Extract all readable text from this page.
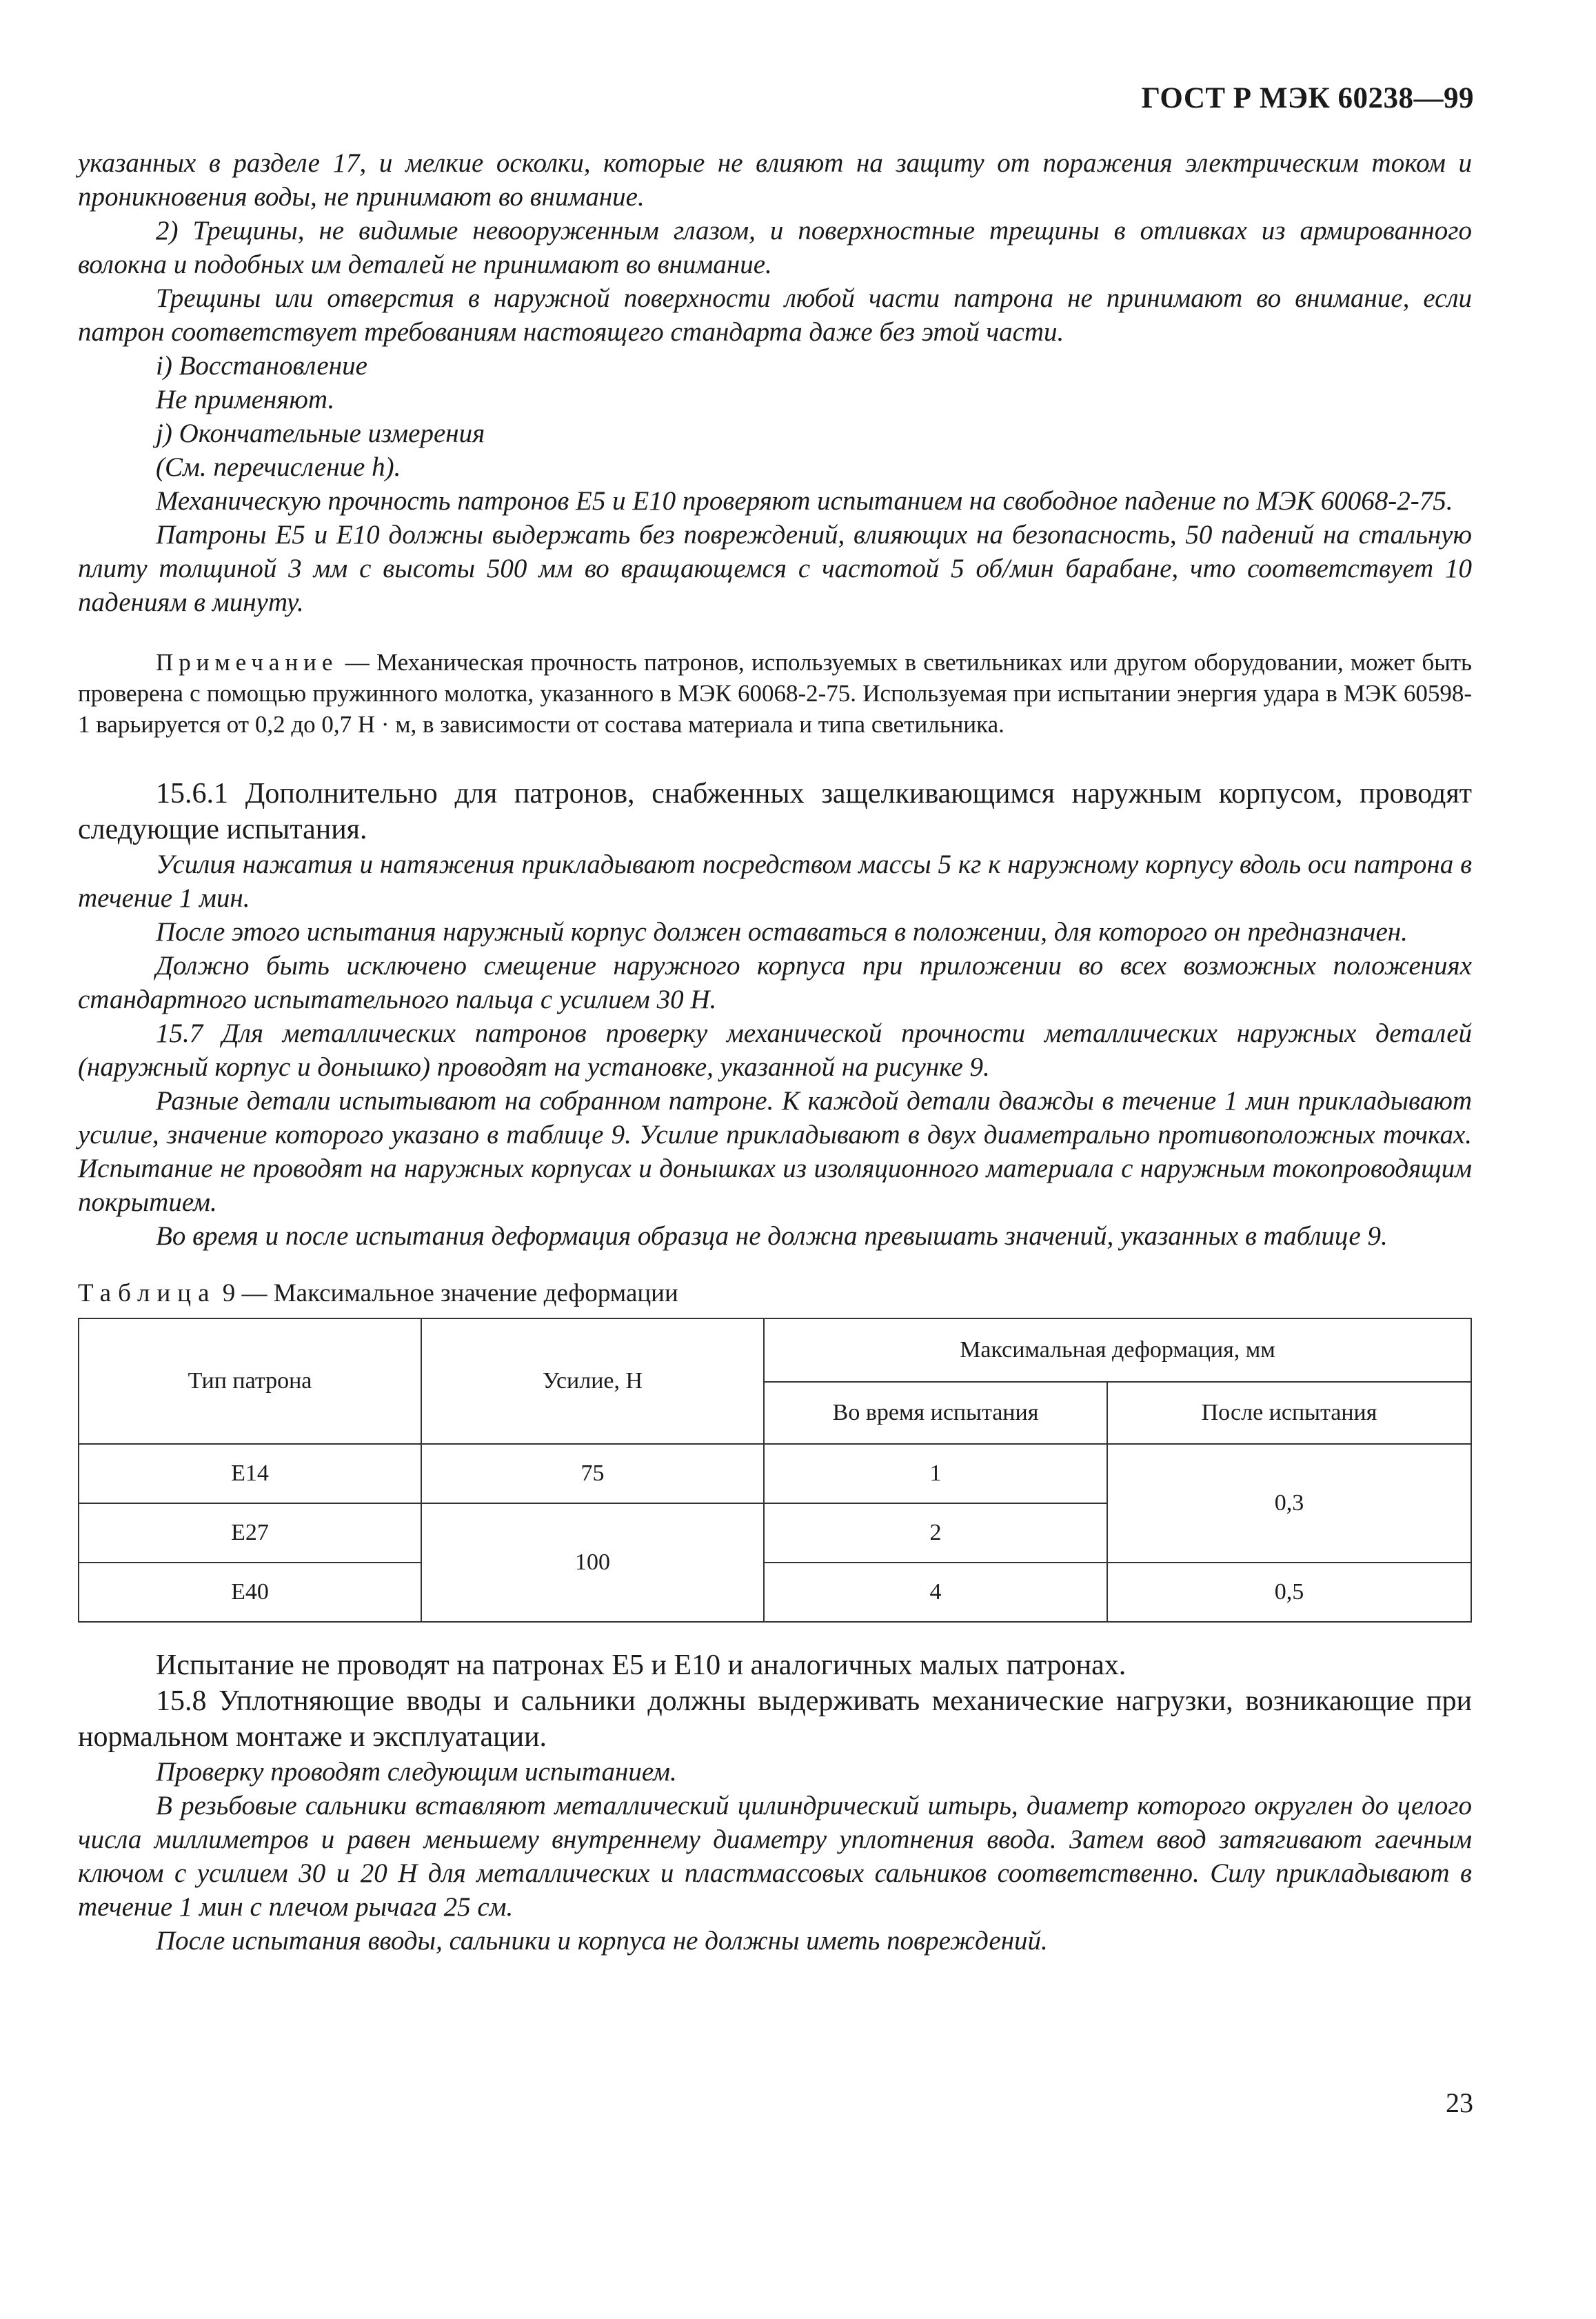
ГОСТ Р МЭК 60238—99

указанных в разделе 17, и мелкие осколки, которые не влияют на защиту от поражения электрическим током и проникновения воды, не принимают во внимание.

2) Трещины, не видимые невооруженным глазом, и поверхностные трещины в отливках из армированного волокна и подобных им деталей не принимают во внимание.

Трещины или отверстия в наружной поверхности любой части патрона не принимают во внимание, если патрон соответствует требованиям настоящего стандарта даже без этой части.

i) Восстановление

Не применяют.

j) Окончательные измерения

(См. перечисление h).

Механическую прочность патронов E5 и E10 проверяют испытанием на свободное падение по МЭК 60068-2-75.

Патроны E5 и E10 должны выдержать без повреждений, влияющих на безопасность, 50 падений на стальную плиту толщиной 3 мм с высоты 500 мм во вращающемся с частотой 5 об/мин барабане, что соответствует 10 падениям в минуту.

Примечание — Механическая прочность патронов, используемых в светильниках или другом оборудовании, может быть проверена с помощью пружинного молотка, указанного в МЭК 60068-2-75. Используемая при испытании энергия удара в МЭК 60598-1 варьируется от 0,2 до 0,7 Н · м, в зависимости от состава материала и типа светильника.

15.6.1 Дополнительно для патронов, снабженных защелкивающимся наружным корпусом, проводят следующие испытания.

Усилия нажатия и натяжения прикладывают посредством массы 5 кг к наружному корпусу вдоль оси патрона в течение 1 мин.

После этого испытания наружный корпус должен оставаться в положении, для которого он предназначен.

Должно быть исключено смещение наружного корпуса при приложении во всех возможных положениях стандартного испытательного пальца с усилием 30 Н.

15.7 Для металлических патронов проверку механической прочности металлических наружных деталей (наружный корпус и донышко) проводят на установке, указанной на рисунке 9.

Разные детали испытывают на собранном патроне. К каждой детали дважды в течение 1 мин прикладывают усилие, значение которого указано в таблице 9. Усилие прикладывают в двух диаметрально противоположных точках. Испытание не проводят на наружных корпусах и донышках из изоляционного материала с наружным токопроводящим покрытием.

Во время и после испытания деформация образца не должна превышать значений, указанных в таблице 9.

Таблица 9 — Максимальное значение деформации

Тип патрона	Усилие, Н	Максимальная деформация, мм	
		Во время испытания	После испытания
E14	75	1	0,3
E27	100	2	
E40		4	0,5

Испытание не проводят на патронах E5 и E10 и аналогичных малых патронах.

15.8 Уплотняющие вводы и сальники должны выдерживать механические нагрузки, возникающие при нормальном монтаже и эксплуатации.

Проверку проводят следующим испытанием.

В резьбовые сальники вставляют металлический цилиндрический штырь, диаметр которого округлен до целого числа миллиметров и равен меньшему внутреннему диаметру уплотнения ввода. Затем ввод затягивают гаечным ключом с усилием 30 и 20 Н для металлических и пластмассовых сальников соответственно. Силу прикладывают в течение 1 мин с плечом рычага 25 см.

После испытания вводы, сальники и корпуса не должны иметь повреждений.

23
